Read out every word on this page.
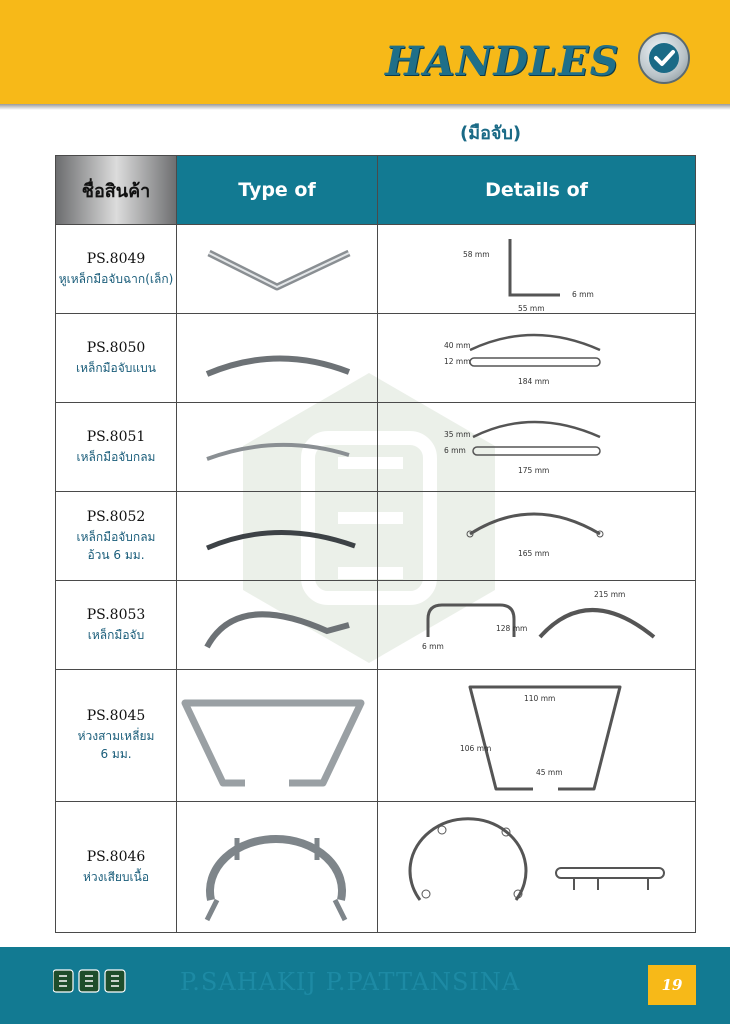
HANDLES
(มือจับ)
ชื่อสินค้า	Type of	Details of

PS.8049
หูเหล็กมือจับฉาก(เล็ก)		58 mm
55 mm
6 mm

PS.8050
เหล็กมือจับแบน		40 mm
12 mm
184 mm

PS.8051
เหล็กมือจับกลม		35 mm
6 mm
175 mm

PS.8052
เหล็กมือจับกลม
อ้วน 6 มม.		165 mm

PS.8053
เหล็กมือจับ		6 mm
128 mm
215 mm

PS.8045
ห่วงสามเหลี่ยม
6 มม.		110 mm
106 mm
45 mm

PS.8046
ห่วงเสียบเนื้อ

P.SAHAKIJ P.PATTANSINA	19
